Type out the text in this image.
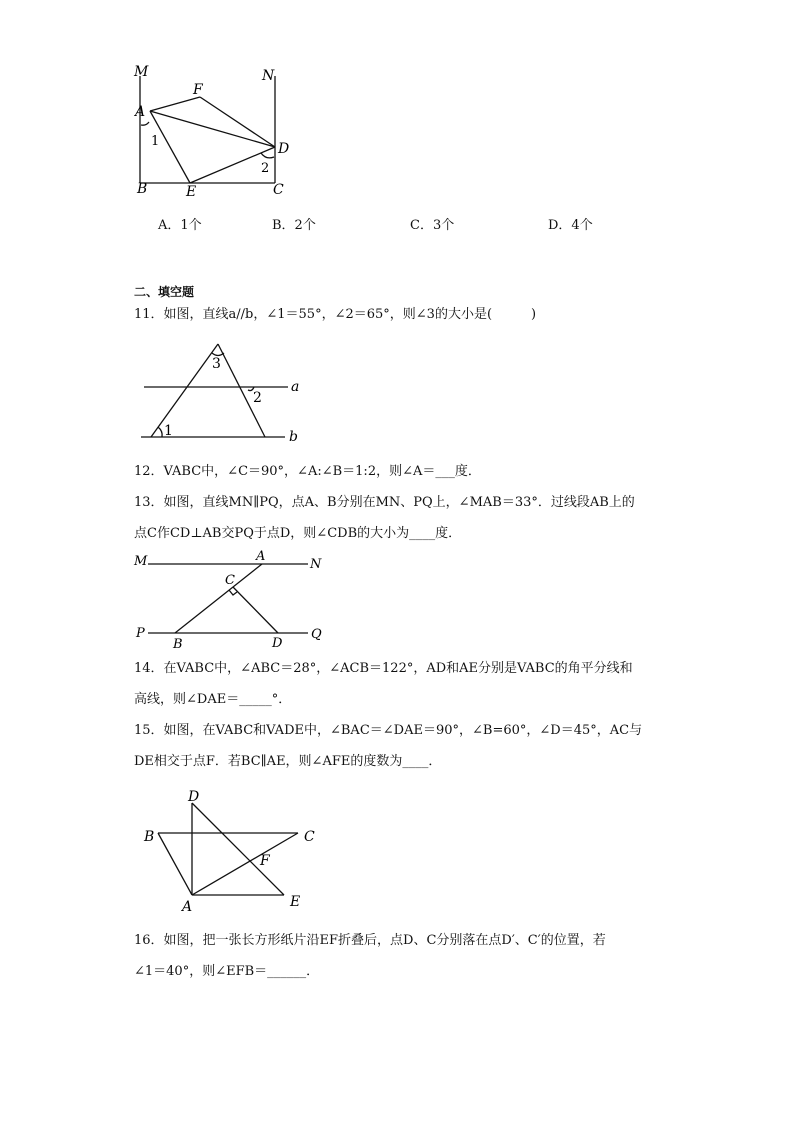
M	N
A
F
D
B	E	C
1
2
A．1个	B．2个	C．3个	D．4个
二、填空题
11．如图，直线a//b，∠1＝55°，∠2＝65°，则∠3的大小是(　　　)
3
2
1
a
b
12．VABC中，∠C＝90°，∠A:∠B＝1:2，则∠A＝___度．
13．如图，直线MN∥PQ，点A、B分别在MN、PQ上，∠MAB＝33°．过线段AB上的
点C作CD⊥AB交PQ于点D，则∠CDB的大小为____度．
M	A
N
C
P
B	D
Q
14．在VABC中，∠ABC＝28°，∠ACB＝122°，AD和AE分别是VABC的角平分线和
高线，则∠DAE＝_____°．
15．如图，在VABC和VADE中，∠BAC＝∠DAE＝90°，∠B=60°，∠D＝45°，AC与
DE相交于点F．若BC∥AE，则∠AFE的度数为____．
D
B	C
F
A	E
16．如图，把一张长方形纸片沿EF折叠后，点D、C分别落在点D′、C′的位置，若
∠1＝40°，则∠EFB＝______．
